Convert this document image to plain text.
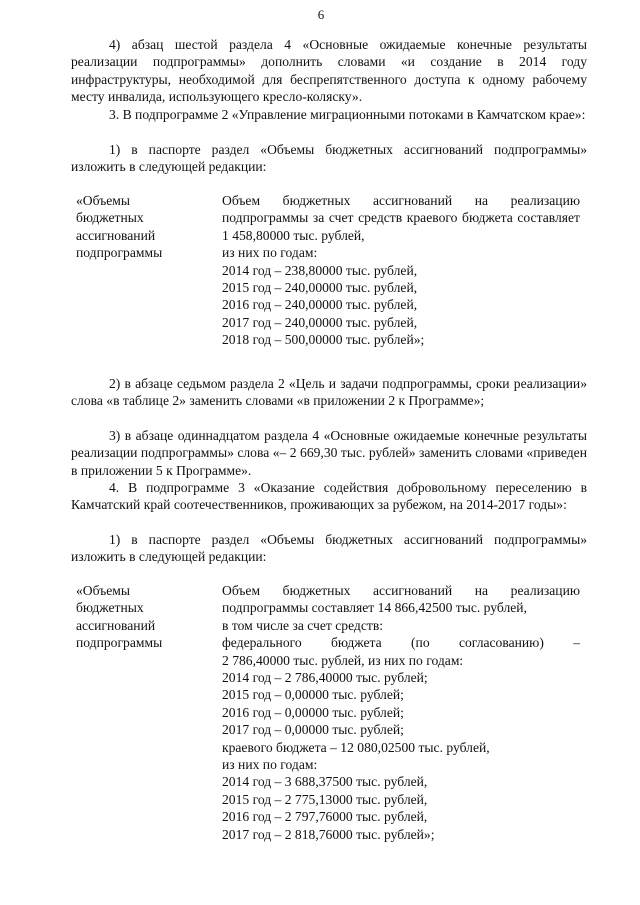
6

4) абзац шестой раздела 4 «Основные ожидаемые конечные результаты реализации подпрограммы» дополнить словами «и создание в 2014 году инфраструктуры, необходимой для беспрепятственного доступа к одному рабочему месту инвалида, использующего кресло-коляску».

3. В подпрограмме 2 «Управление миграционными потоками в Камчатском крае»:

1) в паспорте раздел «Объемы бюджетных ассигнований подпрограммы» изложить в следующей редакции:

«Объемы
бюджетных
ассигнований
подпрограммы
Объем бюджетных ассигнований на реализацию подпрограммы за счет средств краевого бюджета составляет 1 458,80000 тыс. рублей,
из них по годам:
2014 год – 238,80000 тыс. рублей,
2015 год – 240,00000 тыс. рублей,
2016 год – 240,00000 тыс. рублей,
2017 год – 240,00000 тыс. рублей,
2018 год – 500,00000 тыс. рублей»;

2) в абзаце седьмом раздела 2 «Цель и задачи подпрограммы, сроки реализации» слова «в таблице 2» заменить словами «в приложении 2 к Программе»;

3) в абзаце одиннадцатом раздела 4 «Основные ожидаемые конечные результаты реализации подпрограммы» слова «– 2 669,30 тыс. рублей» заменить словами «приведен в приложении 5 к Программе».

4. В подпрограмме 3 «Оказание содействия добровольному переселению в Камчатский край соотечественников, проживающих за рубежом, на 2014-2017 годы»:

1) в паспорте раздел «Объемы бюджетных ассигнований подпрограммы» изложить в следующей редакции:

«Объемы
бюджетных
ассигнований
подпрограммы
Объем бюджетных ассигнований на реализацию подпрограммы составляет 14 866,42500 тыс. рублей,
в том числе за счет средств:
федерального бюджета (по согласованию) –
2 786,40000 тыс. рублей, из них по годам:
2014 год – 2 786,40000 тыс. рублей;
2015 год – 0,00000 тыс. рублей;
2016 год – 0,00000 тыс. рублей;
2017 год – 0,00000 тыс. рублей;
краевого бюджета – 12 080,02500 тыс. рублей,
из них по годам:
2014 год – 3 688,37500 тыс. рублей,
2015 год – 2 775,13000 тыс. рублей,
2016 год – 2 797,76000 тыс. рублей,
2017 год – 2 818,76000 тыс. рублей»;
